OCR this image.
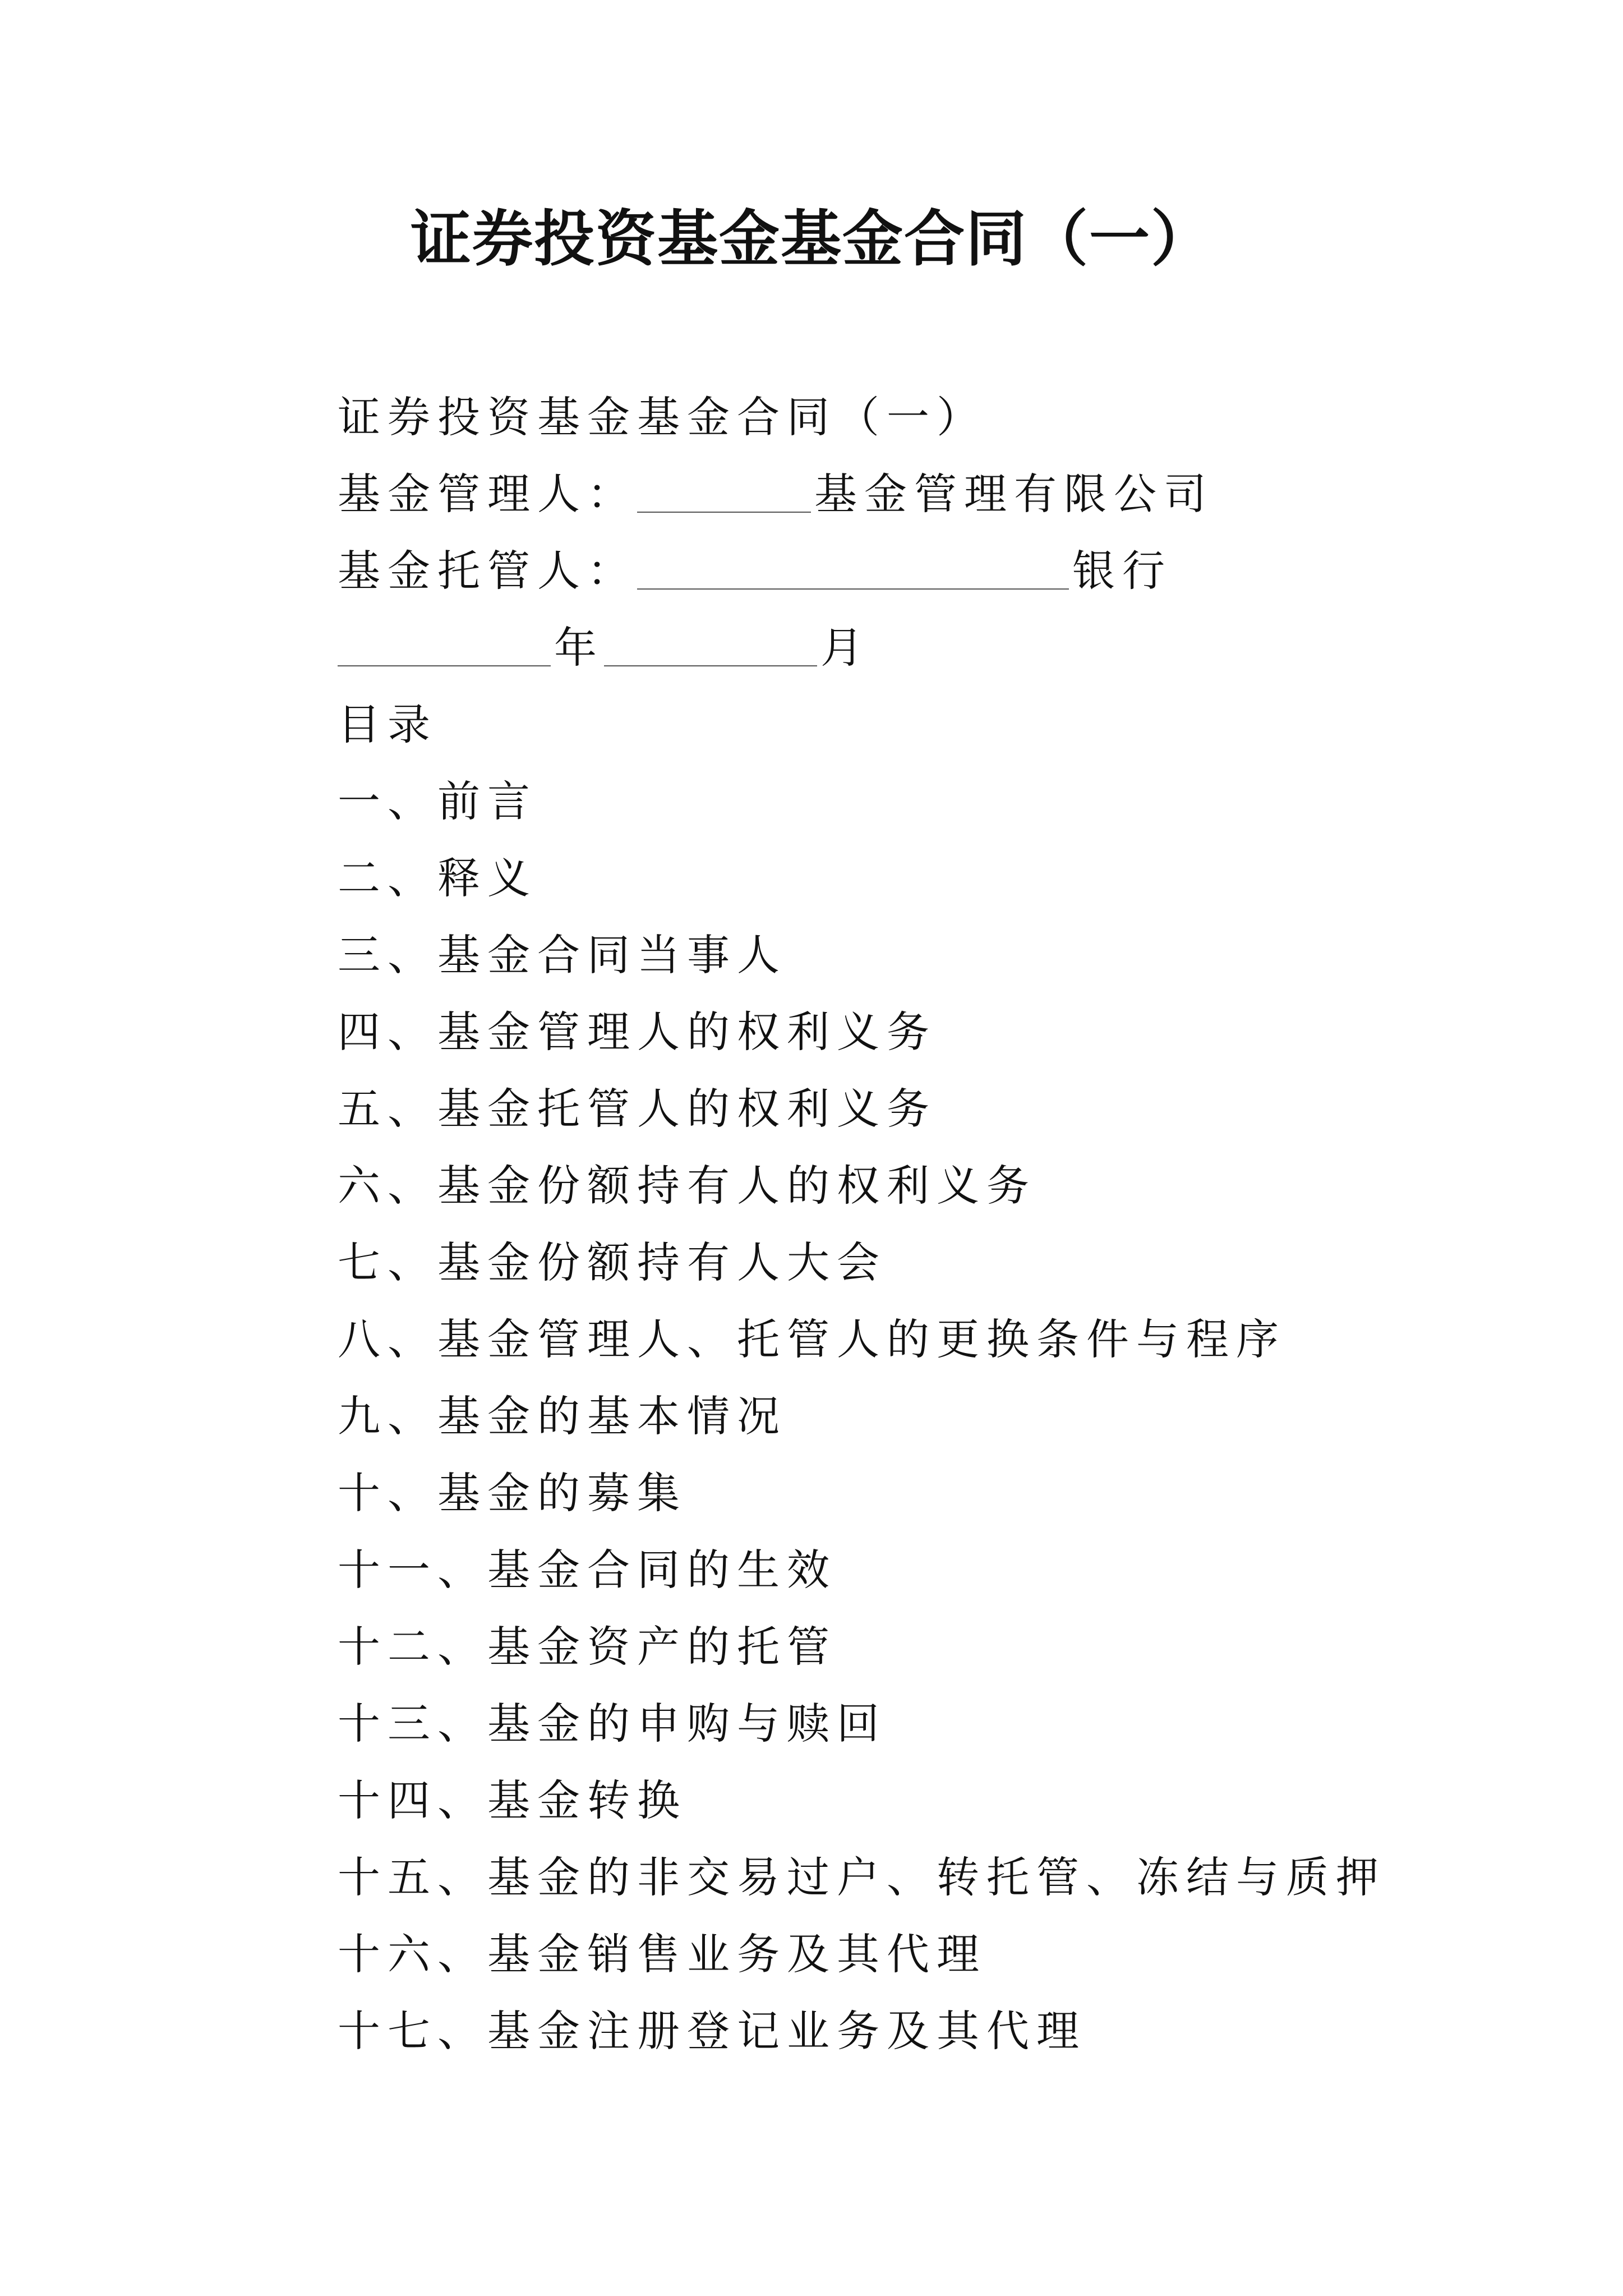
证券投资基金基金合同（一）
证券投资基金基金合同（一）
基金管理人：	基金管理有限公司
基金托管人：	银行
年	月
目录
一、前言
二、释义
三、基金合同当事人
四、基金管理人的权利义务
五、基金托管人的权利义务
六、基金份额持有人的权利义务
七、基金份额持有人大会
八、基金管理人、托管人的更换条件与程序
九、基金的基本情况
十、基金的募集
十一、基金合同的生效
十二、基金资产的托管
十三、基金的申购与赎回
十四、基金转换
十五、基金的非交易过户、转托管、冻结与质押
十六、基金销售业务及其代理
十七、基金注册登记业务及其代理
